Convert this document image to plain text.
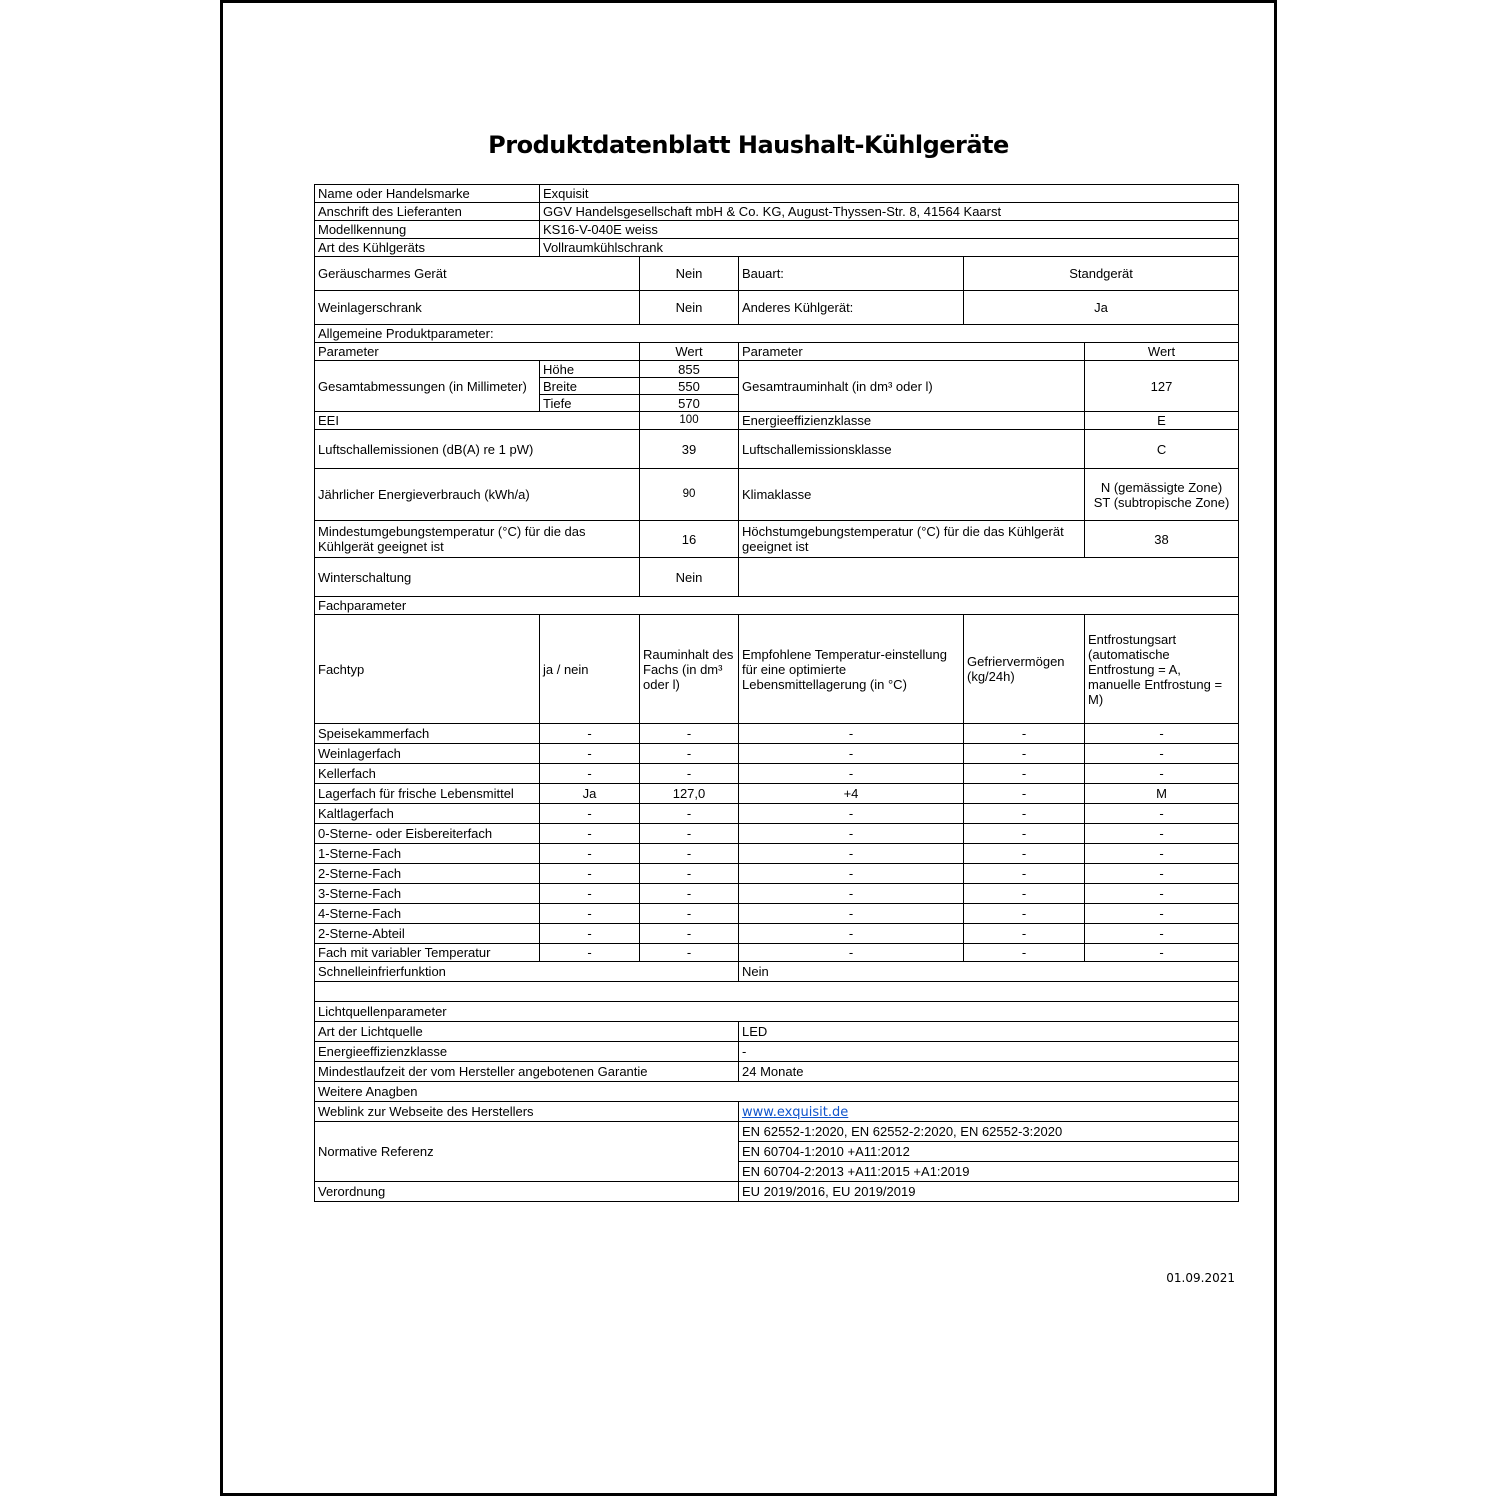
Produktdatenblatt Haushalt-Kühlgeräte
Name oder Handelsmarke	Exquisit				
Anschrift des Lieferanten	GGV Handelsgesellschaft mbH & Co. KG, August-Thyssen-Str. 8, 41564 Kaarst				
Modellkennung	KS16-V-040E weiss				
Art des Kühlgeräts	Vollraumkühlschrank				
Geräuscharmes Gerät		Nein	Bauart:	Standgerät	
Weinlagerschrank		Nein	Anderes Kühlgerät:	Ja	
Allgemeine Produktparameter:					
Parameter		Wert	Parameter		Wert
Gesamtabmessungen (in Millimeter)	Höhe	855	Gesamtrauminhalt (in dm³ oder l)		127
	Breite	550			
	Tiefe	570			
EEI		100	Energieeffizienzklasse		E
Luftschallemissionen (dB(A) re 1 pW)		39	Luftschallemissionsklasse		C
Jährlicher Energieverbrauch (kWh/a)		90	Klimaklasse		N (gemässigte Zone)
ST (subtropische Zone)

Mindestumgebungstemperatur (°C) für die das Kühlgerät geeignet ist		16	Höchstumgebungstemperatur (°C) für die das Kühlgerät geeignet ist		38
Winterschaltung		Nein			
Fachparameter					
Fachtyp	ja / nein	Rauminhalt des Fachs (in dm³ oder l)	Empfohlene Temperatur-einstellung für eine optimierte Lebensmittellagerung (in °C)	Gefriervermögen (kg/24h)	Entfrostungsart (automatische Entfrostung = A, manuelle Entfrostung = M)
Speisekammerfach	-	-	-	-	-
Weinlagerfach	-	-	-	-	-
Kellerfach	-	-	-	-	-
Lagerfach für frische Lebensmittel	Ja	127,0	+4	-	M
Kaltlagerfach	-	-	-	-	-
0-Sterne- oder Eisbereiterfach	-	-	-	-	-
1-Sterne-Fach	-	-	-	-	-
2-Sterne-Fach	-	-	-	-	-
3-Sterne-Fach	-	-	-	-	-
4-Sterne-Fach	-	-	-	-	-
2-Sterne-Abteil	-	-	-	-	-
Fach mit variabler Temperatur	-	-	-	-	-
Schnelleinfrierfunktion			Nein		

Lichtquellenparameter					
Art der Lichtquelle			LED		
Energieeffizienzklasse			-		
Mindestlaufzeit der vom Hersteller angebotenen Garantie			24 Monate		
Weitere Anagben					
Weblink zur Webseite des Herstellers			www.exquisit.de		
Normative Referenz			EN 62552-1:2020, EN 62552-2:2020, EN 62552-3:2020		
			EN 60704-1:2010 +A11:2012		
			EN 60704-2:2013 +A11:2015 +A1:2019		
Verordnung			EU 2019/2016, EU 2019/2019		
01.09.2021
